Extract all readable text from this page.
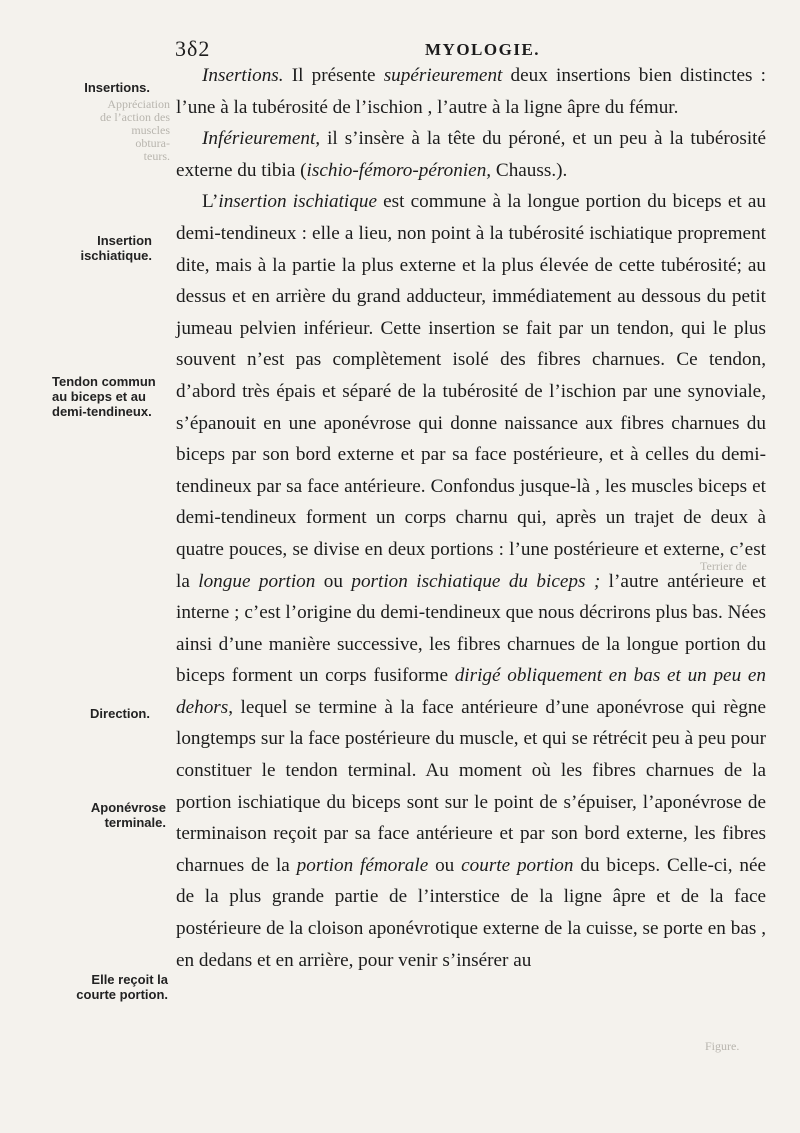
3δ2	MYOLOGIE.
Appréciation
de l’action des
muscles obtura-
teurs.
Terrier de
Figure.
Insertions.
Insertion ischiatique.
Tendon commun au biceps et au demi-tendineux.
Direction.
Aponévrose terminale.
Elle reçoit la courte portion.

Insertions. Il présente supérieurement deux insertions bien distinctes : l’une à la tubérosité de l’ischion , l’autre à la ligne âpre du fémur.

Inférieurement, il s’insère à la tête du péroné, et un peu à la tubérosité externe du tibia (ischio-fémoro-péronien, Chauss.).

L’insertion ischiatique est commune à la longue portion du biceps et au demi-tendineux : elle a lieu, non point à la tubérosité ischiatique proprement dite, mais à la partie la plus externe et la plus élevée de cette tubérosité; au dessus et en arrière du grand adducteur, immédiatement au dessous du petit jumeau pelvien inférieur. Cette insertion se fait par un tendon, qui le plus souvent n’est pas complètement isolé des fibres charnues. Ce tendon, d’abord très épais et séparé de la tubérosité de l’ischion par une synoviale, s’épanouit en une aponévrose qui donne naissance aux fibres charnues du biceps par son bord externe et par sa face postérieure, et à celles du demi-tendineux par sa face antérieure. Confondus jusque-là , les muscles biceps et demi-tendineux forment un corps charnu qui, après un trajet de deux à quatre pouces, se divise en deux portions : l’une postérieure et externe, c’est la longue portion ou portion ischiatique du biceps ; l’autre antérieure et interne ; c’est l’origine du demi-tendineux que nous décrirons plus bas. Nées ainsi d’une manière successive, les fibres charnues de la longue portion du biceps forment un corps fusiforme dirigé obliquement en bas et un peu en dehors, lequel se termine à la face antérieure d’une aponévrose qui règne longtemps sur la face postérieure du muscle, et qui se rétrécit peu à peu pour constituer le tendon terminal. Au moment où les fibres charnues de la portion ischiatique du biceps sont sur le point de s’épuiser, l’aponévrose de terminaison reçoit par sa face antérieure et par son bord externe, les fibres charnues de la portion fémorale ou courte portion du biceps. Celle-ci, née de la plus grande partie de l’interstice de la ligne âpre et de la face postérieure de la cloison aponévrotique externe de la cuisse, se porte en bas , en dedans et en arrière, pour venir s’insérer au
